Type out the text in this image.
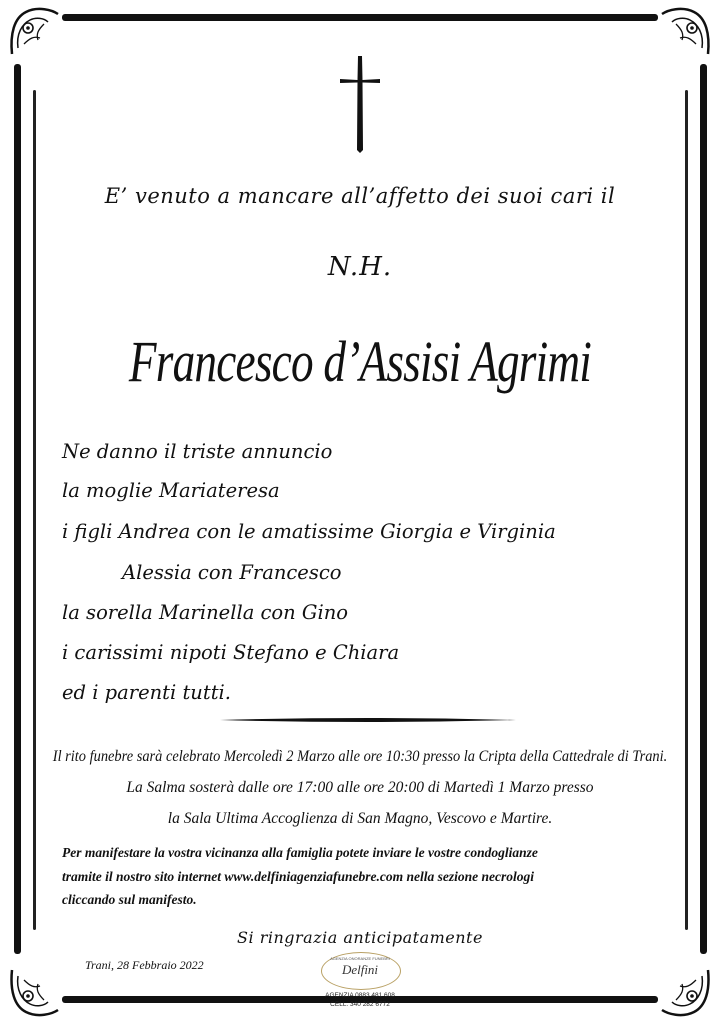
E’ venuto a mancare all’affetto dei suoi cari il
N.H.
Francesco d’Assisi Agrimi
Ne danno il triste annuncio
la moglie Mariateresa
i figli Andrea con le amatissime Giorgia e Virginia
Alessia con Francesco
la sorella Marinella con Gino
i carissimi nipoti Stefano e Chiara
ed i parenti tutti.
Il rito funebre sarà celebrato Mercoledì 2 Marzo alle ore 10:30 presso la Cripta della Cattedrale di Trani.
La Salma sosterà dalle ore 17:00 alle ore 20:00 di Martedì 1 Marzo presso
la Sala Ultima Accoglienza di San Magno, Vescovo e Martire.
Per manifestare la vostra vicinanza alla famiglia potete inviare le vostre condoglianze
tramite il nostro sito internet www.delfiniagenziafunebre.com nella sezione necrologi
cliccando sul manifesto.
Si ringrazia anticipatamente
Trani, 28 Febbraio 2022	AGENZIA ONORANZE FUNEBRI
Delfini
AGENZIA 0883 481 608
CELL. 340 282 6772
